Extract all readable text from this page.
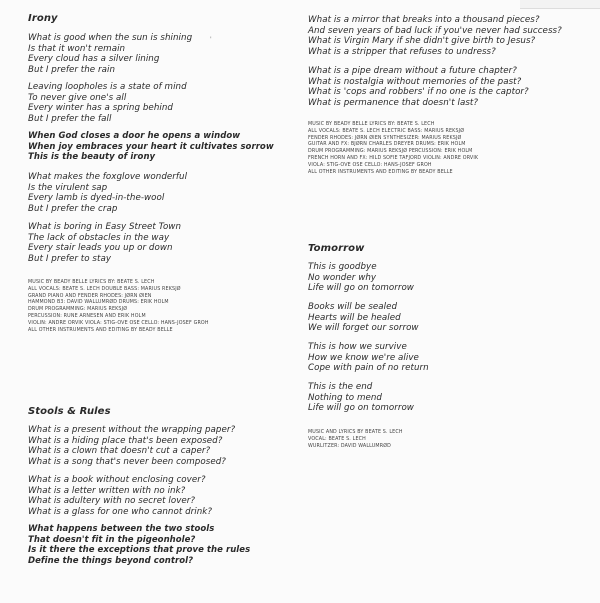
'

Irony

What is good when the sun is shining

Is that it won't remain

Every cloud has a silver lining

But I prefer the rain

Leaving loopholes is a state of mind

To never give one's all

Every winter has a spring behind

But I prefer the fall

When God closes a door he opens a window

When joy embraces your heart it cultivates sorrow

This is the beauty of irony

What makes the foxglove wonderful

Is the virulent sap

Every lamb is dyed-in-the-wool

But I prefer the crap

What is boring in Easy Street Town

The lack of obstacles in the way

Every stair leads you up or down

But I prefer to stay

MUSIC BY BEADY BELLE LYRICS BY: BEATE S. LECH

ALL VOCALS: BEATE S. LECH DOUBLE BASS: MARIUS REKSJØ

GRAND PIANO AND FENDER RHODES: JØRN ØIEN

HAMMOND B3: DAVID WALLUMRØD DRUMS: ERIK HOLM

DRUM PROGRAMMING: MARIUS REKSJØ

PERCUSSION: RUNE ARNESEN AND ERIK HOLM

VIOLIN: ANDRE ORVIK VIOLA: STIG-OVE OSE CELLO: HANS-JOSEF GROH

ALL OTHER INSTRUMENTS AND EDITING BY BEADY BELLE

Stools & Rules

What is a present without the wrapping paper?

What is a hiding place that's been exposed?

What is a clown that doesn't cut a caper?

What is a song that's never been composed?

What is a book without enclosing cover?

What is a letter written with no ink?

What is adultery with no secret lover?

What is a glass for one who cannot drink?

What happens between the two stools

That doesn't fit in the pigeonhole?

Is it there the exceptions that prove the rules

Define the things beyond control?

What is a mirror that breaks into a thousand pieces?

And seven years of bad luck if you've never had success?

What is Virgin Mary if she didn't give birth to Jesus?

What is a stripper that refuses to undress?

What is a pipe dream without a future chapter?

What is nostalgia without memories of the past?

What is 'cops and robbers' if no one is the captor?

What is permanence that doesn't last?

MUSIC BY BEADY BELLE LYRICS BY: BEATE S. LECH

ALL VOCALS: BEATE S. LECH ELECTRIC BASS: MARIUS REKSJØ

FENDER RHODES: JØRN ØIEN SYNTHESIZER: MARIUS REKSJØ

GUITAR AND FX: BJØRN CHARLES DREYER DRUMS: ERIK HOLM

DRUM PROGRAMMING: MARIUS REKSJØ PERCUSSION: ERIK HOLM

FRENCH HORN AND FX: HILD SOFIE TAFJORD VIOLIN: ANDRE ORVIK

VIOLA: STIG-OVE OSE CELLO: HANS-JOSEF GROH

ALL OTHER INSTRUMENTS AND EDITING BY BEADY BELLE

Tomorrow

This is goodbye

No wonder why

Life will go on tomorrow

Books will be sealed

Hearts will be healed

We will forget our sorrow

This is how we survive

How we know we're alive

Cope with pain of no return

This is the end

Nothing to mend

Life will go on tomorrow

MUSIC AND LYRICS BY BEATE S. LECH

VOCAL: BEATE S. LECH

WURLITZER: DAVID WALLUMRØD
